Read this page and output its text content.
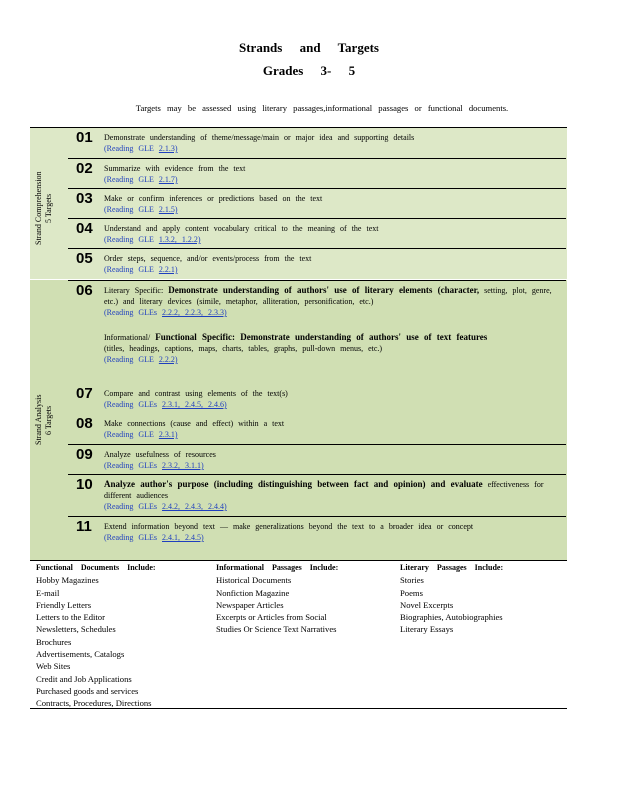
Strands and Targets
Grades 3- 5
Targets may be assessed using literary passages,informational passages or functional documents.
Strand Comprehension
5 Targets
Strand Analysis
6 Targets
01 Demonstrate understanding of theme/message/main or major idea and supporting details
(Reading GLE 2.1.3)
02 Summarize with evidence from the text
(Reading GLE 2.1.7)
03 Make or confirm inferences or predictions based on the text
(Reading GLE 2.1.5)
04 Understand and apply content vocabulary critical to the meaning of the text
(Reading GLE 1.3.2, 1.2.2)
05 Order steps, sequence, and/or events/process from the text
(Reading GLE 2.2.1)
06 Literary Specific: Demonstrate understanding of authors' use of literary elements (character, setting, plot, genre, etc.) and literary devices (simile, metaphor, alliteration, personification, etc.)
(Reading GLEs 2.2.2, 2.2.3, 2.3.3)
Informational/ Functional Specific: Demonstrate understanding of authors' use of text features
(titles, headings, captions, maps, charts, tables, graphs, pull-down menus, etc.)
(Reading GLE 2.2.2)
07 Compare and contrast using elements of the text(s)
(Reading GLEs 2.3.1, 2.4.5, 2.4.6)
08 Make connections (cause and effect) within a text
(Reading GLE 2.3.1)
09 Analyze usefulness of resources
(Reading GLEs 2.3.2, 3.1.1)
10 Analyze author's purpose (including distinguishing between fact and opinion) and evaluate effectiveness for different audiences
(Reading GLEs 2.4.2, 2.4.3, 2.4.4)
11 Extend information beyond text — make generalizations beyond the text to a broader idea or concept
(Reading GLEs 2.4.1, 2.4.5)
Functional Documents Include:
Hobby Magazines
E-mail
Friendly Letters
Letters to the Editor
Newsletters, Schedules
Brochures
Advertisements, Catalogs
Web Sites
Credit and Job Applications
Purchased goods and services
Contracts, Procedures, Directions
Informational Passages Include:
Historical Documents
Nonfiction Magazine
Newspaper Articles
Excerpts or Articles from Social
Studies Or Science Text Narratives
Literary Passages Include:
Stories
Poems
Novel Excerpts
Biographies, Autobiographies
Literary Essays
